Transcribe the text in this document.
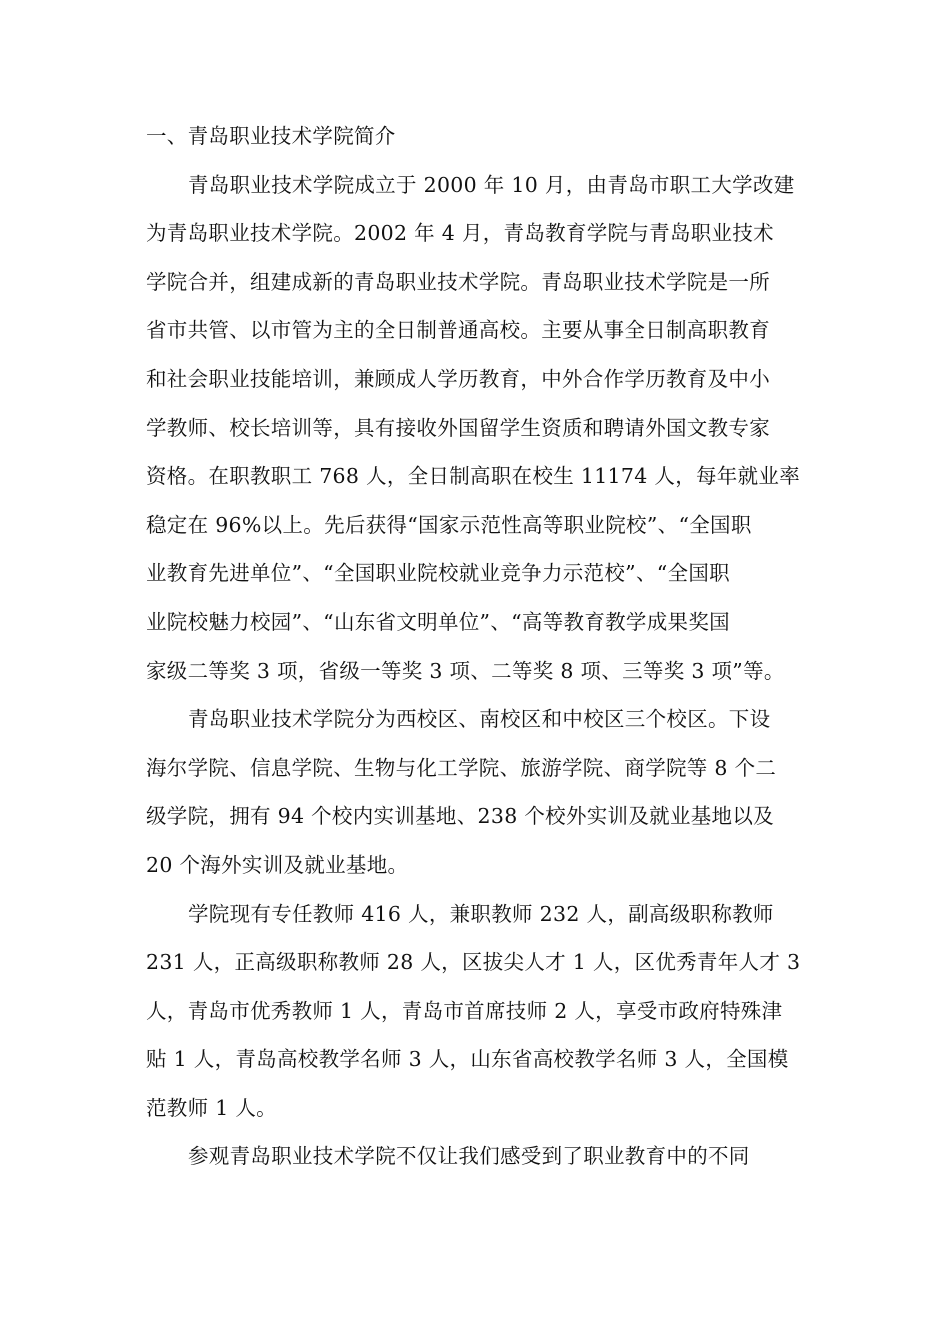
一、青岛职业技术学院简介
青岛职业技术学院成立于 2000 年 10 月，由青岛市职工大学改建
为青岛职业技术学院。2002 年 4 月，青岛教育学院与青岛职业技术
学院合并，组建成新的青岛职业技术学院。青岛职业技术学院是一所
省市共管、以市管为主的全日制普通高校。主要从事全日制高职教育
和社会职业技能培训，兼顾成人学历教育，中外合作学历教育及中小
学教师、校长培训等，具有接收外国留学生资质和聘请外国文教专家
资格。在职教职工 768 人，全日制高职在校生 11174 人，每年就业率
稳定在 96%以上。先后获得“国家示范性高等职业院校”、“全国职
业教育先进单位”、“全国职业院校就业竞争力示范校”、“全国职
业院校魅力校园”、“山东省文明单位”、“高等教育教学成果奖国
家级二等奖 3 项，省级一等奖 3 项、二等奖 8 项、三等奖 3 项”等。
青岛职业技术学院分为西校区、南校区和中校区三个校区。下设
海尔学院、信息学院、生物与化工学院、旅游学院、商学院等 8 个二
级学院，拥有 94 个校内实训基地、238 个校外实训及就业基地以及
20 个海外实训及就业基地。
学院现有专任教师 416 人，兼职教师 232 人，副高级职称教师
231 人，正高级职称教师 28 人，区拔尖人才 1 人，区优秀青年人才 3
人，青岛市优秀教师 1 人，青岛市首席技师 2 人，享受市政府特殊津
贴 1 人，青岛高校教学名师 3 人，山东省高校教学名师 3 人，全国模
范教师 1 人。
参观青岛职业技术学院不仅让我们感受到了职业教育中的不同
